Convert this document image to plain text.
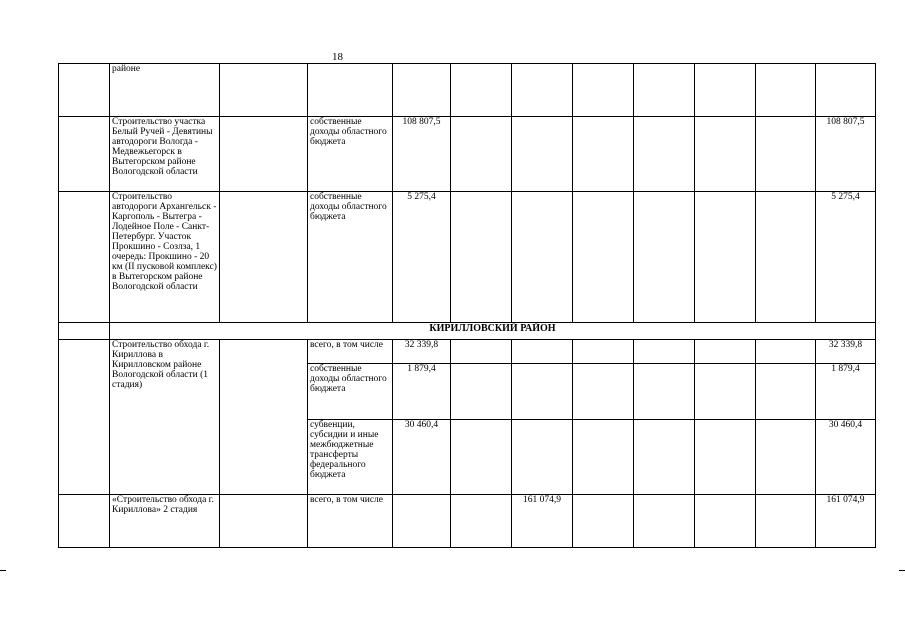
18
	районе										
	Строительство участка Белый Ручей - Девятины автодороги Вологда - Медвежьегорск в Вытегорском районе Вологодской области		собственные доходы областного бюджета	108 807,5							108 807,5
	Строительство автодороги Архангельск - Каргополь - Вытегра - Лодейное Поле - Санкт-Петербург. Участок Прокшино - Созлза, 1 очередь: Прокшино - 20 км (II пусковой комплекс) в Вытегорском районе Вологодской области		собственные доходы областного бюджета	5 275,4							5 275,4
	КИРИЛЛОВСКИЙ РАЙОН										
	Строительство обхода г. Кириллова в Кирилловском районе Вологодской области (1 стадия)		всего, в том числе	32 339,8							32 339,8
			собственные доходы областного бюджета	1 879,4							1 879,4
			субвенции, субсидии и иные межбюджетные трансферты федерального бюджета	30 460,4							30 460,4
	«Строительство обхода г. Кириллова» 2 стадия		всего, в том числе			161 074,9					161 074,9
